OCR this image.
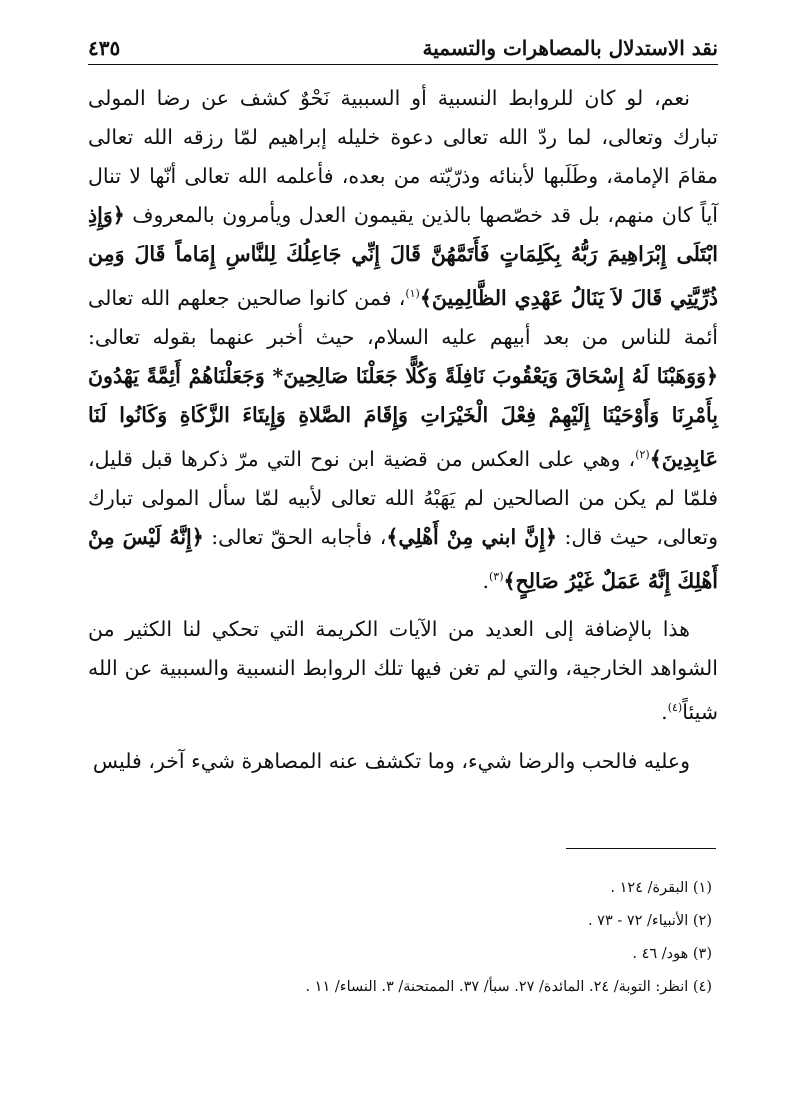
نقد الاستدلال بالمصاهرات والتسمية
٤٣٥

نعم، لو كان للروابط النسبية أو السببية نَحْوٌ كشف عن رضا المولى تبارك وتعالى، لما ردّ الله تعالى دعوة خليله إبراهيم لمّا رزقه الله تعالى مقامَ الإمامة، وطَلَبها لأبنائه وذرّيّته من بعده، فأعلمه الله تعالى أنّها لا تنال آياً كان منهم، بل قد خصّصها بالذين يقيمون العدل ويأمرون بالمعروف ﴿وَإِذِ ابْتَلَى إِبْرَاهِيمَ رَبُّهُ بِكَلِمَاتٍ فَأَتَمَّهُنَّ قَالَ إِنِّي جَاعِلُكَ لِلنَّاسِ إِمَاماً قَالَ وَمِن ذُرِّيَّتِي قَالَ لاَ يَنَالُ عَهْدِي الظَّالِمِينَ﴾$^{(١)}$، فمن كانوا صالحين جعلهم الله تعالى أئمة للناس من بعد أبيهم عليه السلام، حيث أخبر عنهما بقوله تعالى: ﴿وَوَهَبْنَا لَهُ إِسْحَاقَ وَيَعْقُوبَ نَافِلَةً وَكُلًّا جَعَلْنَا صَالِحِينَ* وَجَعَلْنَاهُمْ أَئِمَّةً يَهْدُونَ بِأَمْرِنَا وَأَوْحَيْنَا إِلَيْهِمْ فِعْلَ الْخَيْرَاتِ وَإِقَامَ الصَّلاةِ وَإِيتَاءَ الزَّكَاةِ وَكَانُوا لَنَا عَابِدِينَ﴾$^{(٢)}$، وهي على العكس من قضية ابن نوح التي مرّ ذكرها قبل قليل، فلمّا لم يكن من الصالحين لم يَهَبْهُ الله تعالى لأبيه لمّا سأل المولى تبارك وتعالى، حيث قال: ﴿إِنَّ ابني مِنْ أَهْلِي﴾، فأجابه الحقّ تعالى: ﴿إِنَّهُ لَيْسَ مِنْ أَهْلِكَ إِنَّهُ عَمَلٌ غَيْرُ صَالِحٍ﴾$^{(٣)}$.

هذا بالإضافة إلى العديد من الآيات الكريمة التي تحكي لنا الكثير من الشواهد الخارجية، والتي لم تغن فيها تلك الروابط النسبية والسببية عن الله شيئاً$^{(٤)}$.

وعليه فالحب والرضا شيء، وما تكشف عنه المصاهرة شيء آخر، فليس

(١) البقرة/ ١٢٤ .
(٢) الأنبياء/ ٧٢ - ٧٣ .
(٣) هود/ ٤٦ .
(٤) انظر: التوبة/ ٢٤. المائدة/ ٢٧. سبأ/ ٣٧. الممتحنة/ ٣. النساء/ ١١ .
